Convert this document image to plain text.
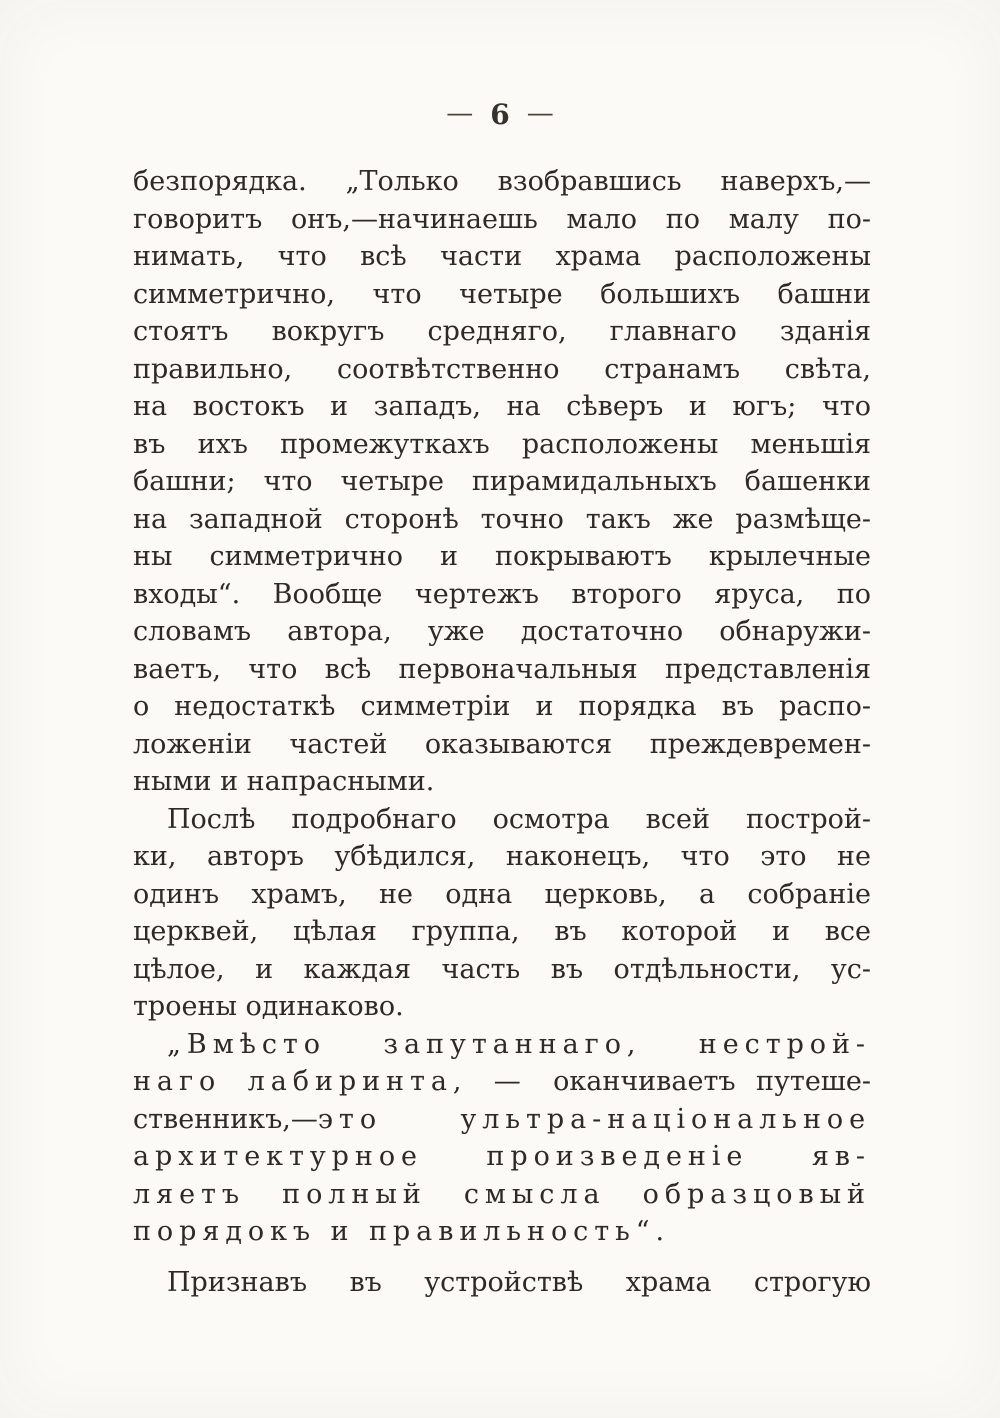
— 6 —
безпорядка. „Только взобравшись наверхъ,—
говоритъ онъ,—начинаешь мало по малу по-
нимать, что всѣ части храма расположены
симметрично, что четыре большихъ башни
стоятъ вокругъ средняго, главнаго зданія
правильно, соотвѣтственно странамъ свѣта,
на востокъ и западъ, на сѣверъ и югъ; что
въ ихъ промежуткахъ расположены меньшія
башни; что четыре пирамидальныхъ башенки
на западной сторонѣ точно такъ же размѣще-
ны симметрично и покрываютъ крылечные
входы“. Вообще чертежъ второго яруса, по
словамъ автора, уже достаточно обнаружи-
ваетъ, что всѣ первоначальныя представленія
о недостаткѣ симметріи и порядка въ распо-
ложеніи частей оказываются преждевремен-
ными и напрасными.
Послѣ подробнаго осмотра всей построй-
ки, авторъ убѣдился, наконецъ, что это не
одинъ храмъ, не одна церковь, а собраніе
церквей, цѣлая группа, въ которой и все
цѣлое, и каждая часть въ отдѣльности, ус-
троены одинаково.
„Вмѣсто запутаннаго, нестрой-
наго лабиринта, — оканчиваетъ путеше-
ственникъ,—это ультра-національное
архитектурное произведеніе яв-
ляетъ полный смысла образцовый
порядокъ и правильность“.
Признавъ въ устройствѣ храма строгую
